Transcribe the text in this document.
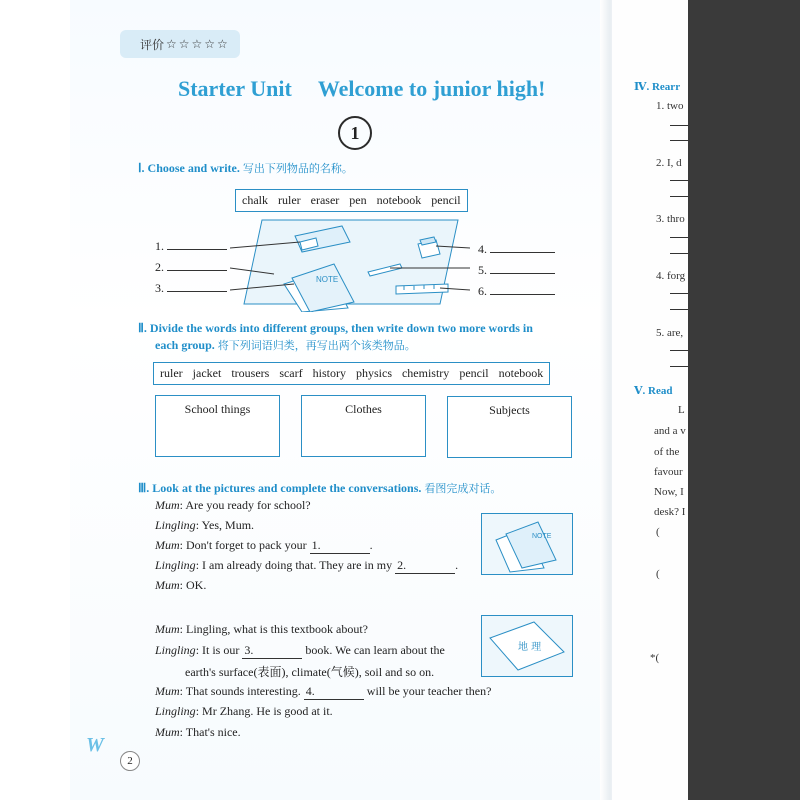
Ⅳ. Rearr
1. two
2. I, d
3. thro
4. forg
5. are,
Ⅴ. Read
L
and a v
of the
favour
Now, I
desk? I
(
(
*(
评价 ☆☆☆☆☆
Starter Unit Welcome to junior high!
1
Ⅰ. Choose and write. 写出下列物品的名称。
chalk ruler eraser pen notebook pencil
1.
2.
3.
4.
5.
6.
NOTE
Ⅱ. Divide the words into different groups, then write down two more words in
each group. 将下列词语归类，再写出两个该类物品。
ruler jacket trousers scarf history physics chemistry pencil notebook
School things	Clothes	Subjects
Ⅲ. Look at the pictures and complete the conversations. 看图完成对话。
Mum: Are you ready for school?
Lingling: Yes, Mum.
Mum: Don't forget to pack your 1.	.
Lingling: I am already doing that. They are in my 2.	.
Mum: OK.
Mum: Lingling, what is this textbook about?
Lingling: It is our 3.	book. We can learn about the
earth's surface(表面), climate(气候), soil and so on.
Mum: That sounds interesting. 4.	will be your teacher then?
Lingling: Mr Zhang. He is good at it.
Mum: That's nice.
NOTE
地 理
W
2
